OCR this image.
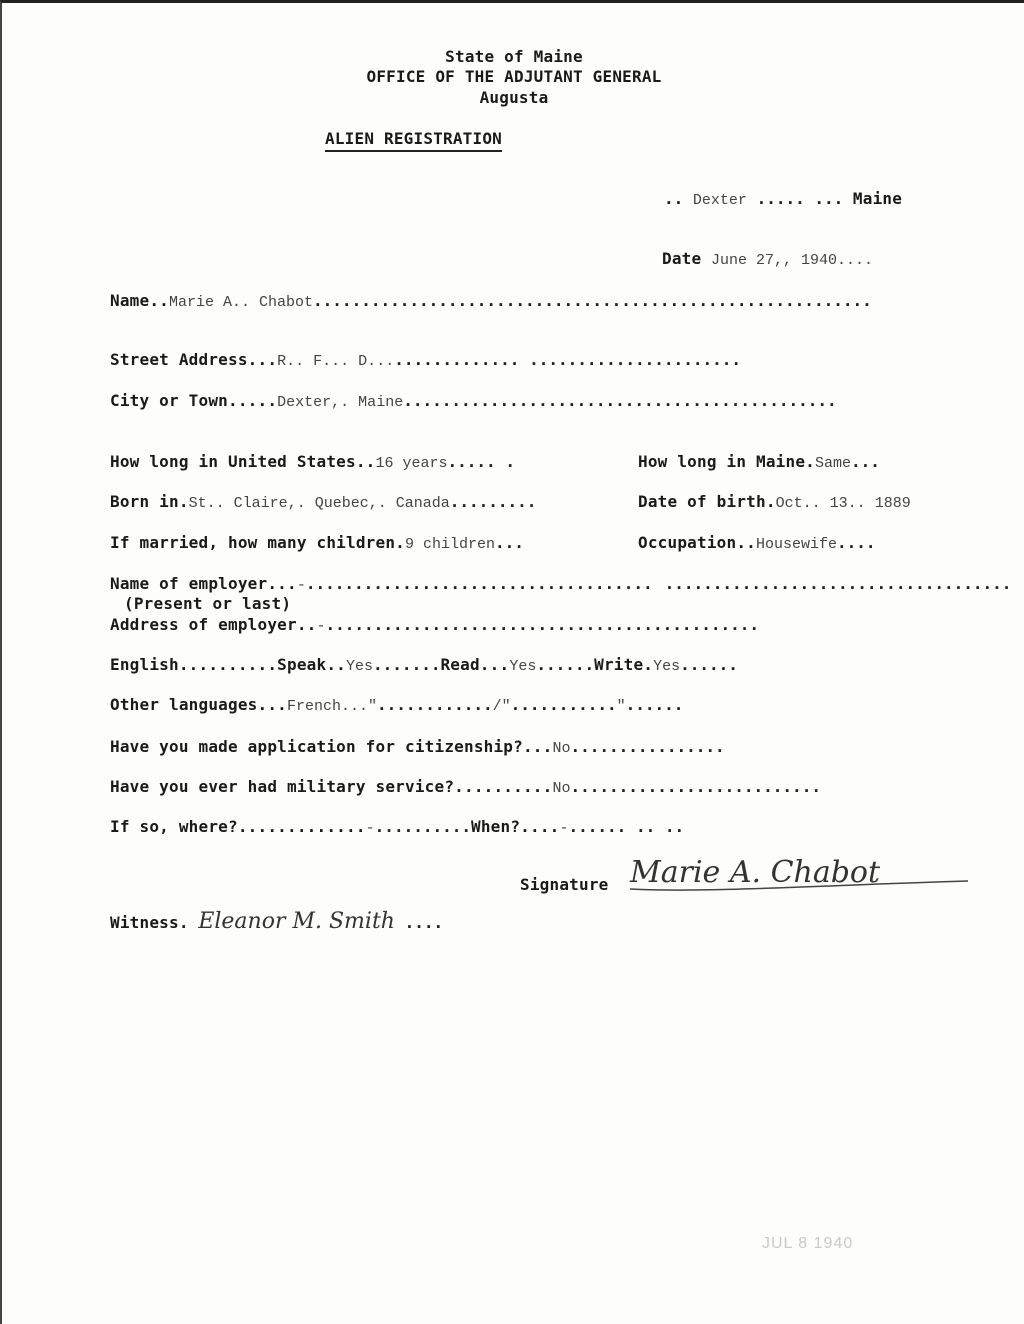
State of Maine
OFFICE OF THE ADJUTANT GENERAL
Augusta
ALIEN REGISTRATION
.. Dexter ..... ... Maine
Date June 27,, 1940....
Name.. Marie A.. Chabot ..........................................................
Street Address... R.. F... D... ............. ......................
City or Town..... Dexter,. Maine .............................................
How long in United States.. 16 years ..... .	How long in Maine. Same ...
Born in. St.. Claire,. Quebec,. Canada .........	Date of birth. Oct.. 13.. 1889
If married, how many children. 9 children ...	Occupation.. Housewife ....
Name of employer... - .................................... ....................................
(Present or last)
Address of employer.. - .............................................
English.......... Speak.. Yes ....... Read... Yes ...... Write. Yes ......
Other languages... French ..." ............ /" ........... " ......
Have you made application for citizenship?... No ................
Have you ever had military service?.......... No ..........................
If so, where?............. - .......... When?.... - ...... .. ..
Signature Marie A. Chabot
Witness. Eleanor M. Smith ....
JUL 8 1940
